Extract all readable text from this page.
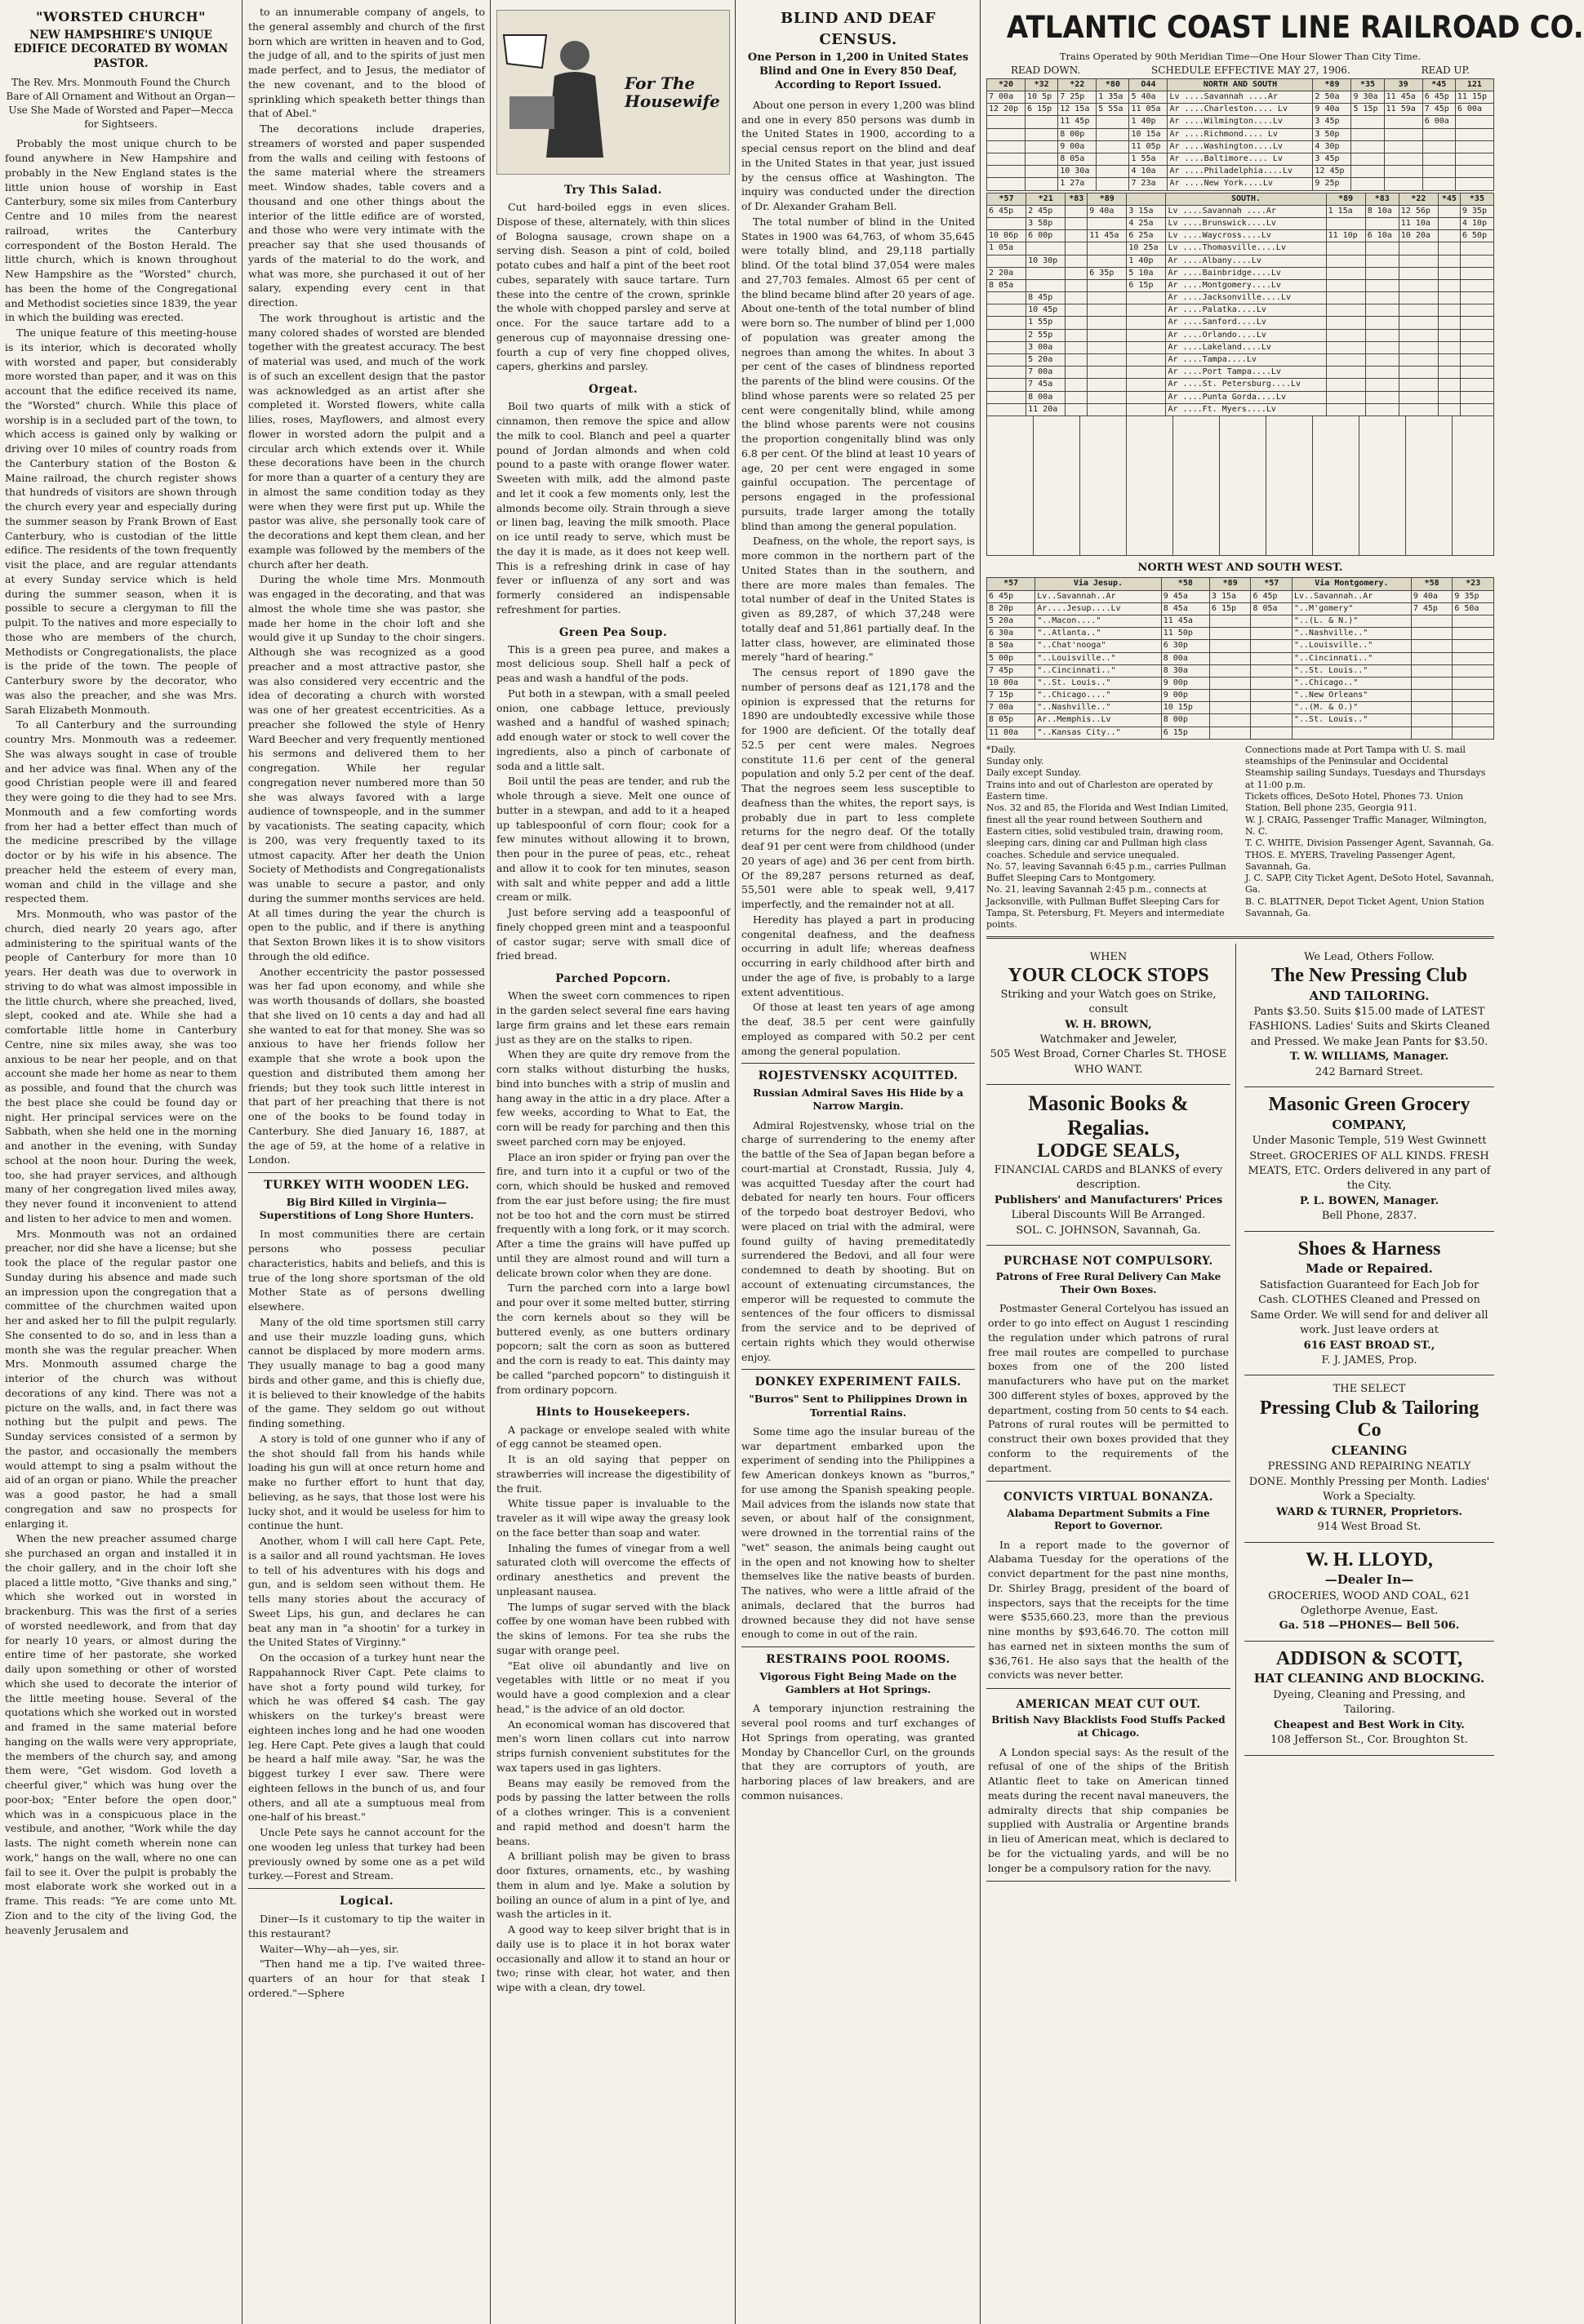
"WORSTED CHURCH"
NEW HAMPSHIRE'S UNIQUE EDIFICE DECORATED BY WOMAN PASTOR.
The Rev. Mrs. Monmouth Found the Church Bare of All Ornament and Without an Organ—Use She Made of Worsted and Paper—Mecca for Sightseers.

Probably the most unique church to be found anywhere in New Hampshire and probably in the New England states is the little union house of worship in East Canterbury, some six miles from Canterbury Centre and 10 miles from the nearest railroad, writes the Canterbury correspondent of the Boston Herald. The little church, which is known throughout New Hampshire as the "Worsted" church, has been the home of the Congregational and Methodist societies since 1839, the year in which the building was erected.

The unique feature of this meeting-house is its interior, which is decorated wholly with worsted and paper, but considerably more worsted than paper, and it was on this account that the edifice received its name, the "Worsted" church. While this place of worship is in a secluded part of the town, to which access is gained only by walking or driving over 10 miles of country roads from the Canterbury station of the Boston & Maine railroad, the church register shows that hundreds of visitors are shown through the church every year and especially during the summer season by Frank Brown of East Canterbury, who is custodian of the little edifice. The residents of the town frequently visit the place, and are regular attendants at every Sunday service which is held during the summer season, when it is possible to secure a clergyman to fill the pulpit. To the natives and more especially to those who are members of the church, Methodists or Congregationalists, the place is the pride of the town. The people of Canterbury swore by the decorator, who was also the preacher, and she was Mrs. Sarah Elizabeth Monmouth.

To all Canterbury and the surrounding country Mrs. Monmouth was a redeemer. She was always sought in case of trouble and her advice was final. When any of the good Christian people were ill and feared they were going to die they had to see Mrs. Monmouth and a few comforting words from her had a better effect than much of the medicine prescribed by the village doctor or by his wife in his absence. The preacher held the esteem of every man, woman and child in the village and she respected them.

Mrs. Monmouth, who was pastor of the church, died nearly 20 years ago, after administering to the spiritual wants of the people of Canterbury for more than 10 years. Her death was due to overwork in striving to do what was almost impossible in the little church, where she preached, lived, slept, cooked and ate. While she had a comfortable little home in Canterbury Centre, nine six miles away, she was too anxious to be near her people, and on that account she made her home as near to them as possible, and found that the church was the best place she could be found day or night. Her principal services were on the Sabbath, when she held one in the morning and another in the evening, with Sunday school at the noon hour. During the week, too, she had prayer services, and although many of her congregation lived miles away, they never found it inconvenient to attend and listen to her advice to men and women.

Mrs. Monmouth was not an ordained preacher, nor did she have a license; but she took the place of the regular pastor one Sunday during his absence and made such an impression upon the congregation that a committee of the churchmen waited upon her and asked her to fill the pulpit regularly. She consented to do so, and in less than a month she was the regular preacher. When Mrs. Monmouth assumed charge the interior of the church was without decorations of any kind. There was not a picture on the walls, and, in fact there was nothing but the pulpit and pews. The Sunday services consisted of a sermon by the pastor, and occasionally the members would attempt to sing a psalm without the aid of an organ or piano. While the preacher was a good pastor, he had a small congregation and saw no prospects for enlarging it.

When the new preacher assumed charge she purchased an organ and installed it in the choir gallery, and in the choir loft she placed a little motto, "Give thanks and sing," which she worked out in worsted in brackenburg. This was the first of a series of worsted needlework, and from that day for nearly 10 years, or almost during the entire time of her pastorate, she worked daily upon something or other of worsted which she used to decorate the interior of the little meeting house. Several of the quotations which she worked out in worsted and framed in the same material before hanging on the walls were very appropriate, the members of the church say, and among them were, "Get wisdom. God loveth a cheerful giver," which was hung over the poor-box; "Enter before the open door," which was in a conspicuous place in the vestibule, and another, "Work while the day lasts. The night cometh wherein none can work," hangs on the wall, where no one can fail to see it. Over the pulpit is probably the most elaborate work she worked out in a frame. This reads: "Ye are come unto Mt. Zion and to the city of the living God, the heavenly Jerusalem and

to an innumerable company of angels, to the general assembly and church of the first born which are written in heaven and to God, the judge of all, and to the spirits of just men made perfect, and to Jesus, the mediator of the new covenant, and to the blood of sprinkling which speaketh better things than that of Abel."

The decorations include draperies, streamers of worsted and paper suspended from the walls and ceiling with festoons of the same material where the streamers meet. Window shades, table covers and a thousand and one other things about the interior of the little edifice are of worsted, and those who were very intimate with the preacher say that she used thousands of yards of the material to do the work, and what was more, she purchased it out of her salary, expending every cent in that direction.

The work throughout is artistic and the many colored shades of worsted are blended together with the greatest accuracy. The best of material was used, and much of the work is of such an excellent design that the pastor was acknowledged as an artist after she completed it. Worsted flowers, white calla lilies, roses, Mayflowers, and almost every flower in worsted adorn the pulpit and a circular arch which extends over it. While these decorations have been in the church for more than a quarter of a century they are in almost the same condition today as they were when they were first put up. While the pastor was alive, she personally took care of the decorations and kept them clean, and her example was followed by the members of the church after her death.

During the whole time Mrs. Monmouth was engaged in the decorating, and that was almost the whole time she was pastor, she made her home in the choir loft and she would give it up Sunday to the choir singers. Although she was recognized as a good preacher and a most attractive pastor, she was also considered very eccentric and the idea of decorating a church with worsted was one of her greatest eccentricities. As a preacher she followed the style of Henry Ward Beecher and very frequently mentioned his sermons and delivered them to her congregation. While her regular congregation never numbered more than 50 she was always favored with a large audience of townspeople, and in the summer by vacationists. The seating capacity, which is 200, was very frequently taxed to its utmost capacity. After her death the Union Society of Methodists and Congregationalists was unable to secure a pastor, and only during the summer months services are held. At all times during the year the church is open to the public, and if there is anything that Sexton Brown likes it is to show visitors through the old edifice.

Another eccentricity the pastor possessed was her fad upon economy, and while she was worth thousands of dollars, she boasted that she lived on 10 cents a day and had all she wanted to eat for that money. She was so anxious to have her friends follow her example that she wrote a book upon the question and distributed them among her friends; but they took such little interest in that part of her preaching that there is not one of the books to be found today in Canterbury. She died January 16, 1887, at the age of 59, at the home of a relative in London.

TURKEY WITH WOODEN LEG.
Big Bird Killed in Virginia—Superstitions of Long Shore Hunters.

In most communities there are certain persons who possess peculiar characteristics, habits and beliefs, and this is true of the long shore sportsman of the old Mother State as of persons dwelling elsewhere.

Many of the old time sportsmen still carry and use their muzzle loading guns, which cannot be displaced by more modern arms. They usually manage to bag a good many birds and other game, and this is chiefly due, it is believed to their knowledge of the habits of the game. They seldom go out without finding something.

A story is told of one gunner who if any of the shot should fall from his hands while loading his gun will at once return home and make no further effort to hunt that day, believing, as he says, that those lost were his lucky shot, and it would be useless for him to continue the hunt.

Another, whom I will call here Capt. Pete, is a sailor and all round yachtsman. He loves to tell of his adventures with his dogs and gun, and is seldom seen without them. He tells many stories about the accuracy of Sweet Lips, his gun, and declares he can beat any man in "a shootin' for a turkey in the United States of Virginny."

On the occasion of a turkey hunt near the Rappahannock River Capt. Pete claims to have shot a forty pound wild turkey, for which he was offered $4 cash. The gay whiskers on the turkey's breast were eighteen inches long and he had one wooden leg. Here Capt. Pete gives a laugh that could be heard a half mile away. "Sar, he was the biggest turkey I ever saw. There were eighteen fellows in the bunch of us, and four others, and all ate a sumptuous meal from one-half of his breast."

Uncle Pete says he cannot account for the one wooden leg unless that turkey had been previously owned by some one as a pet wild turkey.—Forest and Stream.

Logical.

Diner—Is it customary to tip the waiter in this restaurant?

Waiter—Why—ah—yes, sir.

"Then hand me a tip. I've waited three-quarters of an hour for that steak I ordered."—Sphere

For The Housewife
Try This Salad.

Cut hard-boiled eggs in even slices. Dispose of these, alternately, with thin slices of Bologna sausage, crown shape on a serving dish. Season a pint of cold, boiled potato cubes and half a pint of the beet root cubes, separately with sauce tartare. Turn these into the centre of the crown, sprinkle the whole with chopped parsley and serve at once. For the sauce tartare add to a generous cup of mayonnaise dressing one-fourth a cup of very fine chopped olives, capers, gherkins and parsley.

Orgeat.

Boil two quarts of milk with a stick of cinnamon, then remove the spice and allow the milk to cool. Blanch and peel a quarter pound of Jordan almonds and when cold pound to a paste with orange flower water. Sweeten with milk, add the almond paste and let it cook a few moments only, lest the almonds become oily. Strain through a sieve or linen bag, leaving the milk smooth. Place on ice until ready to serve, which must be the day it is made, as it does not keep well. This is a refreshing drink in case of hay fever or influenza of any sort and was formerly considered an indispensable refreshment for parties.

Green Pea Soup.

This is a green pea puree, and makes a most delicious soup. Shell half a peck of peas and wash a handful of the pods.

Put both in a stewpan, with a small peeled onion, one cabbage lettuce, previously washed and a handful of washed spinach; add enough water or stock to well cover the ingredients, also a pinch of carbonate of soda and a little salt.

Boil until the peas are tender, and rub the whole through a sieve. Melt one ounce of butter in a stewpan, and add to it a heaped up tablespoonful of corn flour; cook for a few minutes without allowing it to brown, then pour in the puree of peas, etc., reheat and allow it to cook for ten minutes, season with salt and white pepper and add a little cream or milk.

Just before serving add a teaspoonful of finely chopped green mint and a teaspoonful of castor sugar; serve with small dice of fried bread.

Parched Popcorn.

When the sweet corn commences to ripen in the garden select several fine ears having large firm grains and let these ears remain just as they are on the stalks to ripen.

When they are quite dry remove from the corn stalks without disturbing the husks, bind into bunches with a strip of muslin and hang away in the attic in a dry place. After a few weeks, according to What to Eat, the corn will be ready for parching and then this sweet parched corn may be enjoyed.

Place an iron spider or frying pan over the fire, and turn into it a cupful or two of the corn, which should be husked and removed from the ear just before using; the fire must not be too hot and the corn must be stirred frequently with a long fork, or it may scorch. After a time the grains will have puffed up until they are almost round and will turn a delicate brown color when they are done.

Turn the parched corn into a large bowl and pour over it some melted butter, stirring the corn kernels about so they will be buttered evenly, as one butters ordinary popcorn; salt the corn as soon as buttered and the corn is ready to eat. This dainty may be called "parched popcorn" to distinguish it from ordinary popcorn.

Hints to Housekeepers.

A package or envelope sealed with white of egg cannot be steamed open.

It is an old saying that pepper on strawberries will increase the digestibility of the fruit.

White tissue paper is invaluable to the traveler as it will wipe away the greasy look on the face better than soap and water.

Inhaling the fumes of vinegar from a well saturated cloth will overcome the effects of ordinary anesthetics and prevent the unpleasant nausea.

The lumps of sugar served with the black coffee by one woman have been rubbed with the skins of lemons. For tea she rubs the sugar with orange peel.

"Eat olive oil abundantly and live on vegetables with little or no meat if you would have a good complexion and a clear head," is the advice of an old doctor.

An economical woman has discovered that men's worn linen collars cut into narrow strips furnish convenient substitutes for the wax tapers used in gas lighters.

Beans may easily be removed from the pods by passing the latter between the rolls of a clothes wringer. This is a convenient and rapid method and doesn't harm the beans.

A brilliant polish may be given to brass door fixtures, ornaments, etc., by washing them in alum and lye. Make a solution by boiling an ounce of alum in a pint of lye, and wash the articles in it.

A good way to keep silver bright that is in daily use is to place it in hot borax water occasionally and allow it to stand an hour or two; rinse with clear, hot water, and then wipe with a clean, dry towel.

BLIND AND DEAF CENSUS.
One Person in 1,200 in United States Blind and One in Every 850 Deaf, According to Report Issued.

About one person in every 1,200 was blind and one in every 850 persons was dumb in the United States in 1900, according to a special census report on the blind and deaf in the United States in that year, just issued by the census office at Washington. The inquiry was conducted under the direction of Dr. Alexander Graham Bell.

The total number of blind in the United States in 1900 was 64,763, of whom 35,645 were totally blind, and 29,118 partially blind. Of the total blind 37,054 were males and 27,703 females. Almost 65 per cent of the blind became blind after 20 years of age. About one-tenth of the total number of blind were born so. The number of blind per 1,000 of population was greater among the negroes than among the whites. In about 3 per cent of the cases of blindness reported the parents of the blind were cousins. Of the blind whose parents were so related 25 per cent were congenitally blind, while among the blind whose parents were not cousins the proportion congenitally blind was only 6.8 per cent. Of the blind at least 10 years of age, 20 per cent were engaged in some gainful occupation. The percentage of persons engaged in the professional pursuits, trade larger among the totally blind than among the general population.

Deafness, on the whole, the report says, is more common in the northern part of the United States than in the southern, and there are more males than females. The total number of deaf in the United States is given as 89,287, of which 37,248 were totally deaf and 51,861 partially deaf. In the latter class, however, are eliminated those merely "hard of hearing."

The census report of 1890 gave the number of persons deaf as 121,178 and the opinion is expressed that the returns for 1890 are undoubtedly excessive while those for 1900 are deficient. Of the totally deaf 52.5 per cent were males. Negroes constitute 11.6 per cent of the general population and only 5.2 per cent of the deaf. That the negroes seem less susceptible to deafness than the whites, the report says, is probably due in part to less complete returns for the negro deaf. Of the totally deaf 91 per cent were from childhood (under 20 years of age) and 36 per cent from birth. Of the 89,287 persons returned as deaf, 55,501 were able to speak well, 9,417 imperfectly, and the remainder not at all.

Heredity has played a part in producing congenital deafness, and the deafness occurring in adult life; whereas deafness occurring in early childhood after birth and under the age of five, is probably to a large extent adventitious.

Of those at least ten years of age among the deaf, 38.5 per cent were gainfully employed as compared with 50.2 per cent among the general population.

ROJESTVENSKY ACQUITTED.
Russian Admiral Saves His Hide by a Narrow Margin.

Admiral Rojestvensky, whose trial on the charge of surrendering to the enemy after the battle of the Sea of Japan began before a court-martial at Cronstadt, Russia, July 4, was acquitted Tuesday after the court had debated for nearly ten hours. Four officers of the torpedo boat destroyer Bedovi, who were placed on trial with the admiral, were found guilty of having premeditatedly surrendered the Bedovi, and all four were condemned to death by shooting. But on account of extenuating circumstances, the emperor will be requested to commute the sentences of the four officers to dismissal from the service and to be deprived of certain rights which they would otherwise enjoy.

DONKEY EXPERIMENT FAILS.
"Burros" Sent to Philippines Drown in Torrential Rains.

Some time ago the insular bureau of the war department embarked upon the experiment of sending into the Philippines a few American donkeys known as "burros," for use among the Spanish speaking people. Mail advices from the islands now state that seven, or about half of the consignment, were drowned in the torrential rains of the "wet" season, the animals being caught out in the open and not knowing how to shelter themselves like the native beasts of burden. The natives, who were a little afraid of the animals, declared that the burros had drowned because they did not have sense enough to come in out of the rain.

RESTRAINS POOL ROOMS.
Vigorous Fight Being Made on the Gamblers at Hot Springs.

A temporary injunction restraining the several pool rooms and turf exchanges of Hot Springs from operating, was granted Monday by Chancellor Curl, on the grounds that they are corruptors of youth, are harboring places of law breakers, and are common nuisances.

ATLANTIC COAST LINE RAILROAD CO.
Trains Operated by 90th Meridian Time—One Hour Slower Than City Time.
READ DOWN.	SCHEDULE EFFECTIVE MAY 27, 1906.	READ UP.
*20	*32	*22	*80	O44	NORTH AND SOUTH	*89	*35	39	*45	121
7 00a	10 5p	7 25p	1 35a	5 40a	Lv ....Savannah ....Ar	2 50a	9 30a	11 45a	6 45p	11 15p
12 20p	6 15p	12 15a	5 55a	11 05a	Ar ....Charleston.... Lv	9 40a	5 15p	11 59a	7 45p	6 00a
		11 45p		1 40p	Ar ....Wilmington....Lv	3 45p			6 00a	
		8 00p		10 15a	Ar ....Richmond.... Lv	3 50p				
		9 00a		11 05p	Ar ....Washington....Lv	4 30p				
		8 05a		1 55a	Ar ....Baltimore.... Lv	3 45p				
		10 30a		4 10a	Ar ....Philadelphia....Lv	12 45p				
		1 27a		7 23a	Ar ....New York....Lv	9 25p				
*57	*21	*83	*89		SOUTH.	*89	*83	*22	*45	*35
6 45p	2 45p		9 40a	3 15a	Lv ....Savannah ....Ar	1 15a	8 10a	12 56p		9 35p
	3 58p			4 25a	Lv ....Brunswick....Lv			11 10a		4 10p
10 06p	6 00p		11 45a	6 25a	Lv ....Waycross....Lv	11 10p	6 10a	10 20a		6 50p
1 05a				10 25a	Lv ....Thomasville....Lv					
	10 30p			1 40p	Ar ....Albany....Lv					
2 20a			6 35p	5 10a	Ar ....Bainbridge....Lv					
8 05a				6 15p	Ar ....Montgomery....Lv					
	8 45p				Ar ....Jacksonville....Lv					
	10 45p				Ar ....Palatka....Lv					
	1 55p				Ar ....Sanford....Lv					
	2 55p				Ar ....Orlando....Lv					
	3 00a				Ar ....Lakeland....Lv					
	5 20a				Ar ....Tampa....Lv					
	7 00a				Ar ....Port Tampa....Lv					
	7 45a				Ar ....St. Petersburg....Lv					
	8 00a				Ar ....Punta Gorda....Lv					
	11 20a				Ar ....Ft. Myers....Lv					
NORTH WEST AND SOUTH WEST.
*57	Via Jesup.	*58	*89	*57	Via Montgomery.	*58	*23
6 45p	Lv..Savannah..Ar	9 45a	3 15a	6 45p	Lv..Savannah..Ar	9 40a	9 35p
8 20p	Ar....Jesup....Lv	8 45a	6 15p	8 05a	"..M'gomery"	7 45p	6 50a
5 20a	"..Macon...."	11 45a			"..(L. & N.)"		
6 30a	"..Atlanta.."	11 50p			"..Nashville.."		
8 50a	"..Chat'nooga"	6 30p			"..Louisville.."		
5 00p	"..Louisville.."	8 00a			"..Cincinnati.."		
7 45p	"..Cincinnati.."	8 30a			"..St. Louis.."		
10 00a	"..St. Louis.."	9 00p			"..Chicago.."		
7 15p	"..Chicago...."	9 00p			"..New Orleans"		
7 00a	"..Nashville.."	10 15p			"..(M. & O.)"		
8 05p	Ar..Memphis..Lv	8 00p			"..St. Louis.."		
11 00a	"..Kansas City.."	6 15p					
*Daily.
Sunday only.
Daily except Sunday.
Trains into and out of Charleston are operated by Eastern time.
Nos. 32 and 85, the Florida and West Indian Limited, finest all the year round between Southern and Eastern cities, solid vestibuled train, drawing room, sleeping cars, dining car and Pullman high class coaches. Schedule and service unequaled.
No. 57, leaving Savannah 6:45 p.m., carries Pullman Buffet Sleeping Cars to Montgomery.
No. 21, leaving Savannah 2:45 p.m., connects at Jacksonville, with Pullman Buffet Sleeping Cars for Tampa, St. Petersburg, Ft. Meyers and intermediate points.
Connections made at Port Tampa with U. S. mail steamships of the Peninsular and Occidental Steamship sailing Sundays, Tuesdays and Thursdays at 11:00 p.m.
Tickets offices, DeSoto Hotel, Phones 73. Union Station, Bell phone 235, Georgia 911.
W. J. CRAIG, Passenger Traffic Manager, Wilmington, N. C.
T. C. WHITE, Division Passenger Agent, Savannah, Ga.
THOS. E. MYERS, Traveling Passenger Agent, Savannah, Ga.
J. C. SAPP, City Ticket Agent, DeSoto Hotel, Savannah, Ga.
B. C. BLATTNER, Depot Ticket Agent, Union Station Savannah, Ga.
WHEN
YOUR CLOCK STOPS
Striking and your Watch goes on Strike, consult
W. H. BROWN,
Watchmaker and Jeweler,
505 West Broad, Corner Charles St. THOSE WHO WANT.
Masonic Books & Regalias.
LODGE SEALS,
FINANCIAL CARDS and BLANKS of every description.
Publishers' and Manufacturers' Prices
Liberal Discounts Will Be Arranged.
SOL. C. JOHNSON, Savannah, Ga.
PURCHASE NOT COMPULSORY.
Patrons of Free Rural Delivery Can Make Their Own Boxes.

Postmaster General Cortelyou has issued an order to go into effect on August 1 rescinding the regulation under which patrons of rural free mail routes are compelled to purchase boxes from one of the 200 listed manufacturers who have put on the market 300 different styles of boxes, approved by the department, costing from 50 cents to $4 each. Patrons of rural routes will be permitted to construct their own boxes provided that they conform to the requirements of the department.

CONVICTS VIRTUAL BONANZA.
Alabama Department Submits a Fine Report to Governor.

In a report made to the governor of Alabama Tuesday for the operations of the convict department for the past nine months, Dr. Shirley Bragg, president of the board of inspectors, says that the receipts for the time were $535,660.23, more than the previous nine months by $93,646.70. The cotton mill has earned net in sixteen months the sum of $36,761. He also says that the health of the convicts was never better.

AMERICAN MEAT CUT OUT.
British Navy Blacklists Food Stuffs Packed at Chicago.

A London special says: As the result of the refusal of one of the ships of the British Atlantic fleet to take on American tinned meats during the recent naval maneuvers, the admiralty directs that ship companies be supplied with Australia or Argentine brands in lieu of American meat, which is declared to be for the victualing yards, and will be no longer be a compulsory ration for the navy.

We Lead, Others Follow.
The New Pressing Club
AND TAILORING.
Pants $3.50. Suits $15.00 made of LATEST FASHIONS. Ladies' Suits and Skirts Cleaned and Pressed. We make Jean Pants for $3.50.
T. W. WILLIAMS, Manager.
242 Barnard Street.
Masonic Green Grocery
COMPANY,
Under Masonic Temple, 519 West Gwinnett Street. GROCERIES OF ALL KINDS. FRESH MEATS, ETC. Orders delivered in any part of the City.
P. L. BOWEN, Manager.
Bell Phone, 2837.
Shoes & Harness
Made or Repaired.
Satisfaction Guaranteed for Each Job for Cash. CLOTHES Cleaned and Pressed on Same Order. We will send for and deliver all work. Just leave orders at
616 EAST BROAD ST.,
F. J. JAMES, Prop.
THE SELECT
Pressing Club & Tailoring Co
CLEANING
PRESSING AND REPAIRING NEATLY DONE. Monthly Pressing per Month. Ladies' Work a Specialty.
WARD & TURNER, Proprietors.
914 West Broad St.
W. H. LLOYD,
—Dealer In—
GROCERIES, WOOD AND COAL, 621 Oglethorpe Avenue, East.
Ga. 518 —PHONES— Bell 506.
ADDISON & SCOTT,
HAT CLEANING AND BLOCKING.
Dyeing, Cleaning and Pressing, and Tailoring.
Cheapest and Best Work in City.
108 Jefferson St., Cor. Broughton St.
